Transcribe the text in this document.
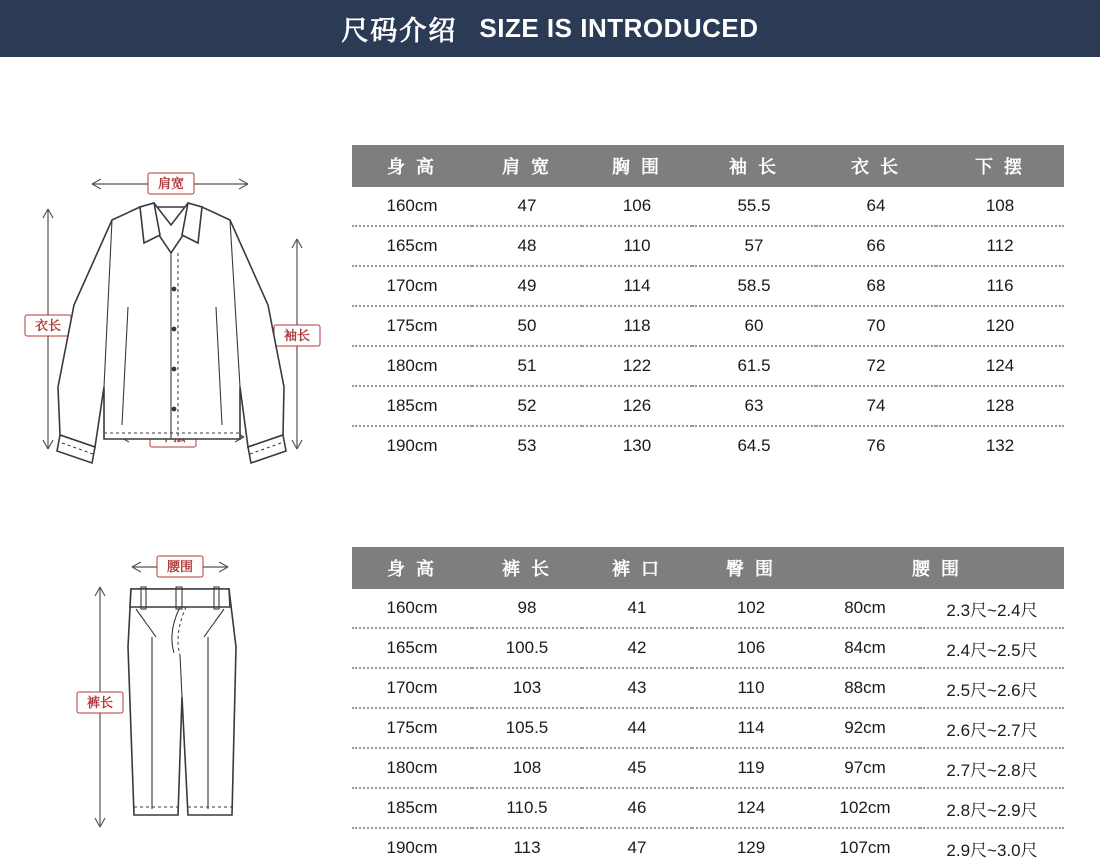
尺码介绍 SIZE IS INTRODUCED
肩宽
衣长
袖长
腰围
裤长
身 高	肩 宽	胸 围	袖 长	衣 长	下 摆
160cm	47	106	55.5	64	108
165cm	48	110	57	66	112
170cm	49	114	58.5	68	116
175cm	50	118	60	70	120
180cm	51	122	61.5	72	124
185cm	52	126	63	74	128
190cm	53	130	64.5	76	132
身 高	裤 长	裤 口	臀 围	腰 围	
160cm	98	41	102	80cm	2.3尺~2.4尺
165cm	100.5	42	106	84cm	2.4尺~2.5尺
170cm	103	43	110	88cm	2.5尺~2.6尺
175cm	105.5	44	114	92cm	2.6尺~2.7尺
180cm	108	45	119	97cm	2.7尺~2.8尺
185cm	110.5	46	124	102cm	2.8尺~2.9尺
190cm	113	47	129	107cm	2.9尺~3.0尺
